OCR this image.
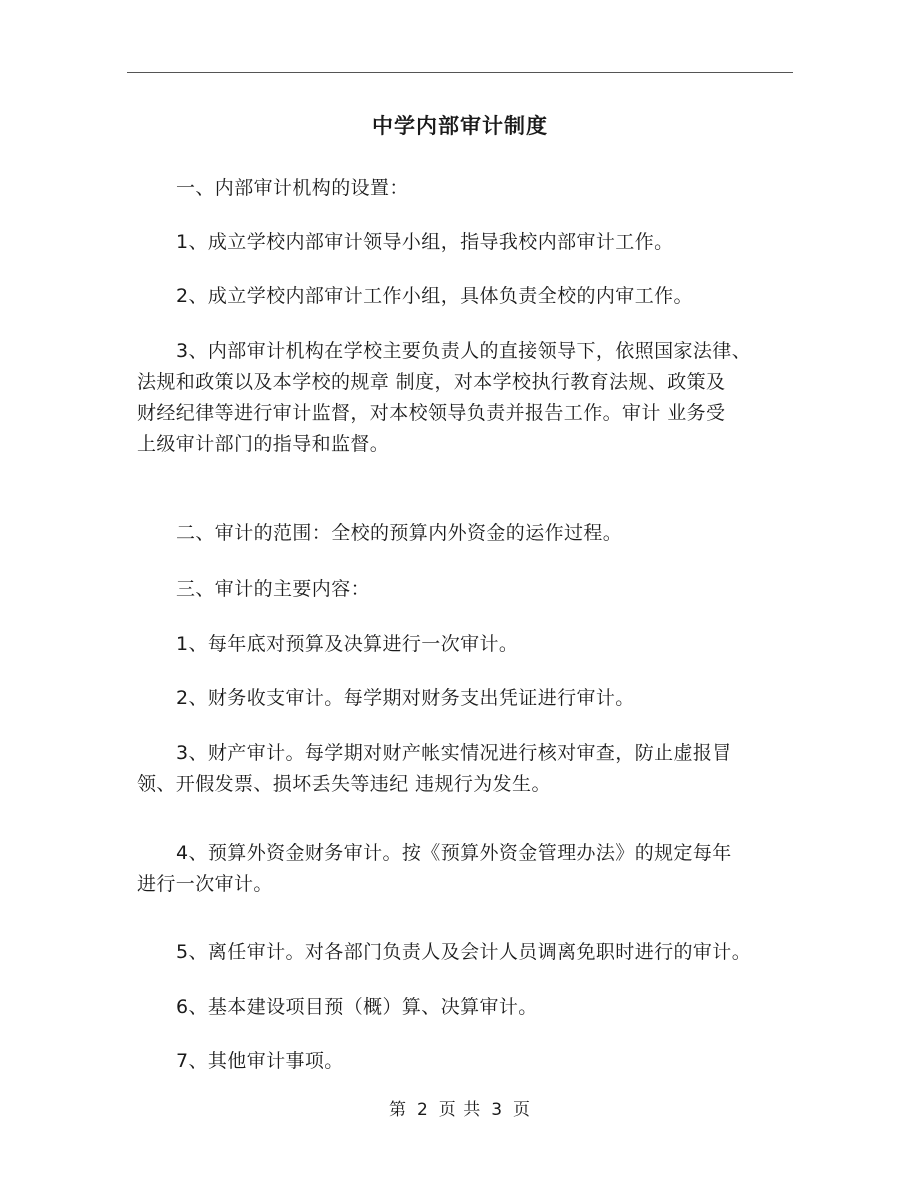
中学内部审计制度
一、内部审计机构的设置：
1、成立学校内部审计领导小组，指导我校内部审计工作。
2、成立学校内部审计工作小组，具体负责全校的内审工作。
3、内部审计机构在学校主要负责人的直接领导下，依照国家法律、
法规和政策以及本学校的规章 制度，对本学校执行教育法规、政策及
财经纪律等进行审计监督，对本校领导负责并报告工作。审计 业务受
上级审计部门的指导和监督。
二、审计的范围：全校的预算内外资金的运作过程。
三、审计的主要内容：
1、每年底对预算及决算进行一次审计。
2、财务收支审计。每学期对财务支出凭证进行审计。
3、财产审计。每学期对财产帐实情况进行核对审查，防止虚报冒
领、开假发票、损坏丢失等违纪 违规行为发生。
4、预算外资金财务审计。按《预算外资金管理办法》的规定每年
进行一次审计。
5、离任审计。对各部门负责人及会计人员调离免职时进行的审计。
6、基本建设项目预（概）算、决算审计。
7、其他审计事项。
第 2 页 共 3 页
